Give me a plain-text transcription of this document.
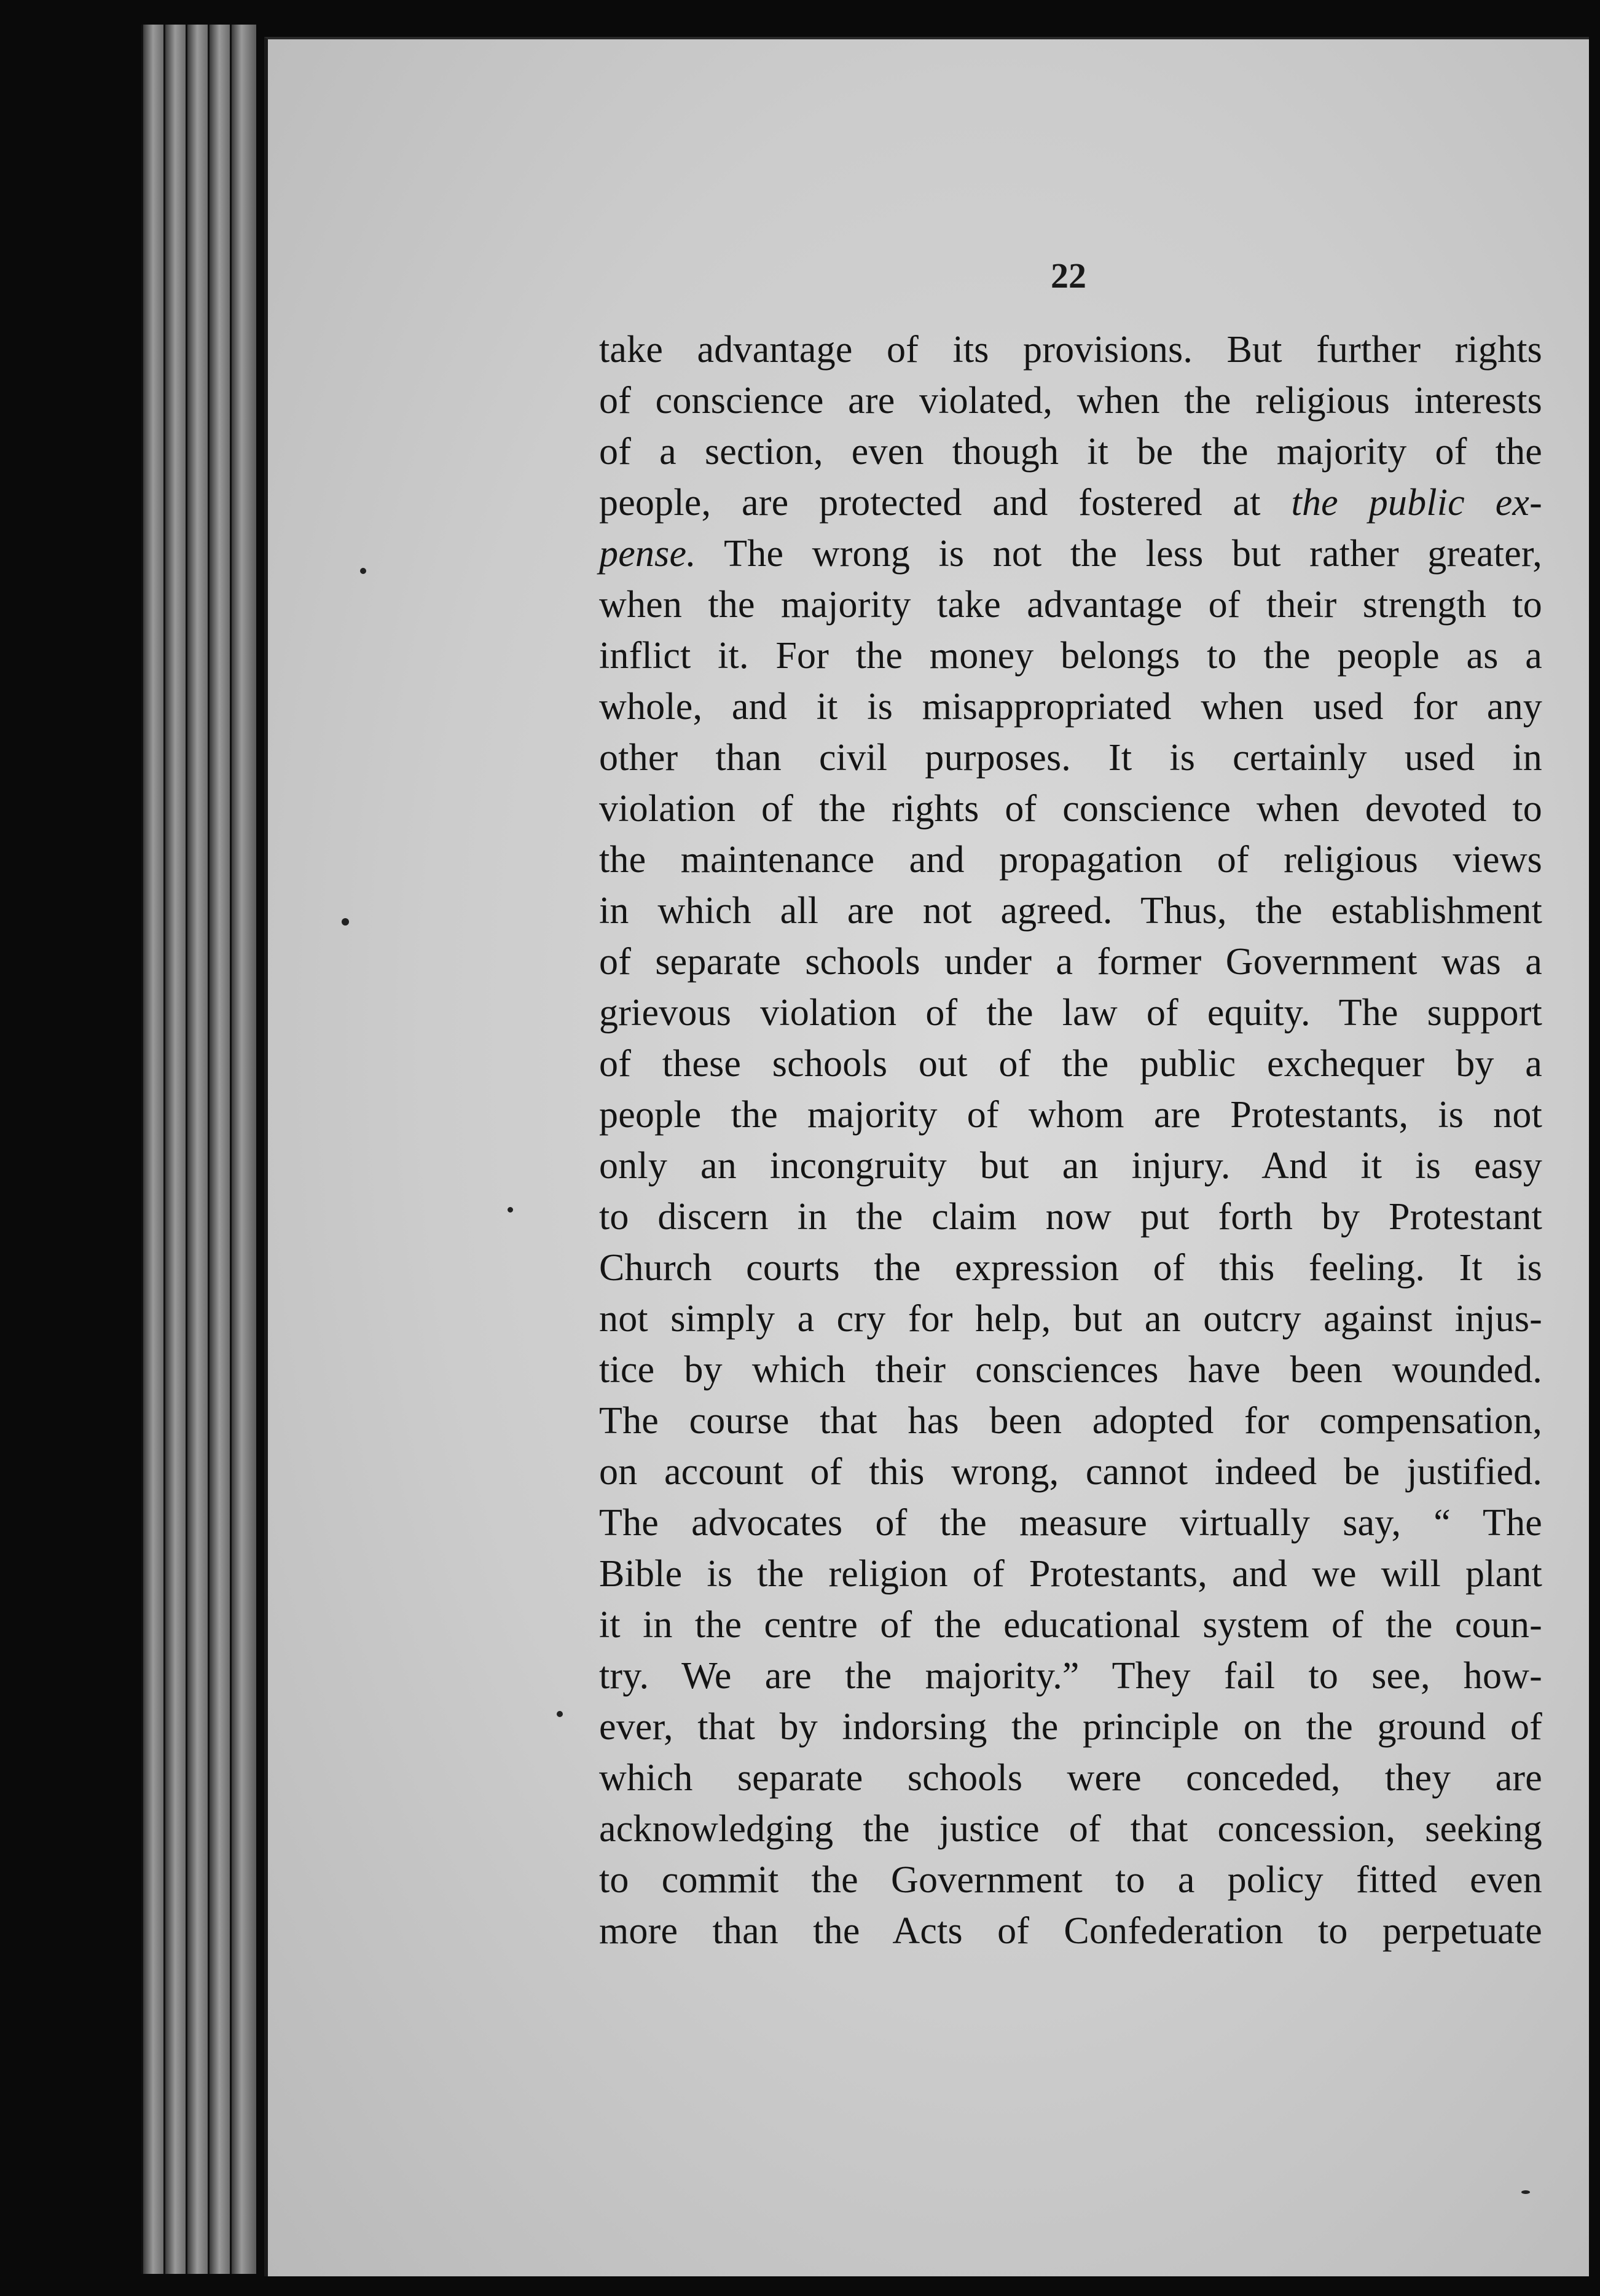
22
take advantage of its provisions. But further rights
of conscience are violated, when the religious interests
of a section, even though it be the majority of the
people, are protected and fostered at the public ex-
pense. The wrong is not the less but rather greater,
when the majority take advantage of their strength to
inflict it. For the money belongs to the people as a
whole, and it is misappropriated when used for any
other than civil purposes. It is certainly used in
violation of the rights of conscience when devoted to
the maintenance and propagation of religious views
in which all are not agreed. Thus, the establishment
of separate schools under a former Government was a
grievous violation of the law of equity. The support
of these schools out of the public exchequer by a
people the majority of whom are Protestants, is not
only an incongruity but an injury. And it is easy
to discern in the claim now put forth by Protestant
Church courts the expression of this feeling. It is
not simply a cry for help, but an outcry against injus-
tice by which their consciences have been wounded.
The course that has been adopted for compensation,
on account of this wrong, cannot indeed be justified.
The advocates of the measure virtually say, “ The
Bible is the religion of Protestants, and we will plant
it in the centre of the educational system of the coun-
try. We are the majority.” They fail to see, how-
ever, that by indorsing the principle on the ground of
which separate schools were conceded, they are
acknowledging the justice of that concession, seeking
to commit the Government to a policy fitted even
more than the Acts of Confederation to perpetuate
